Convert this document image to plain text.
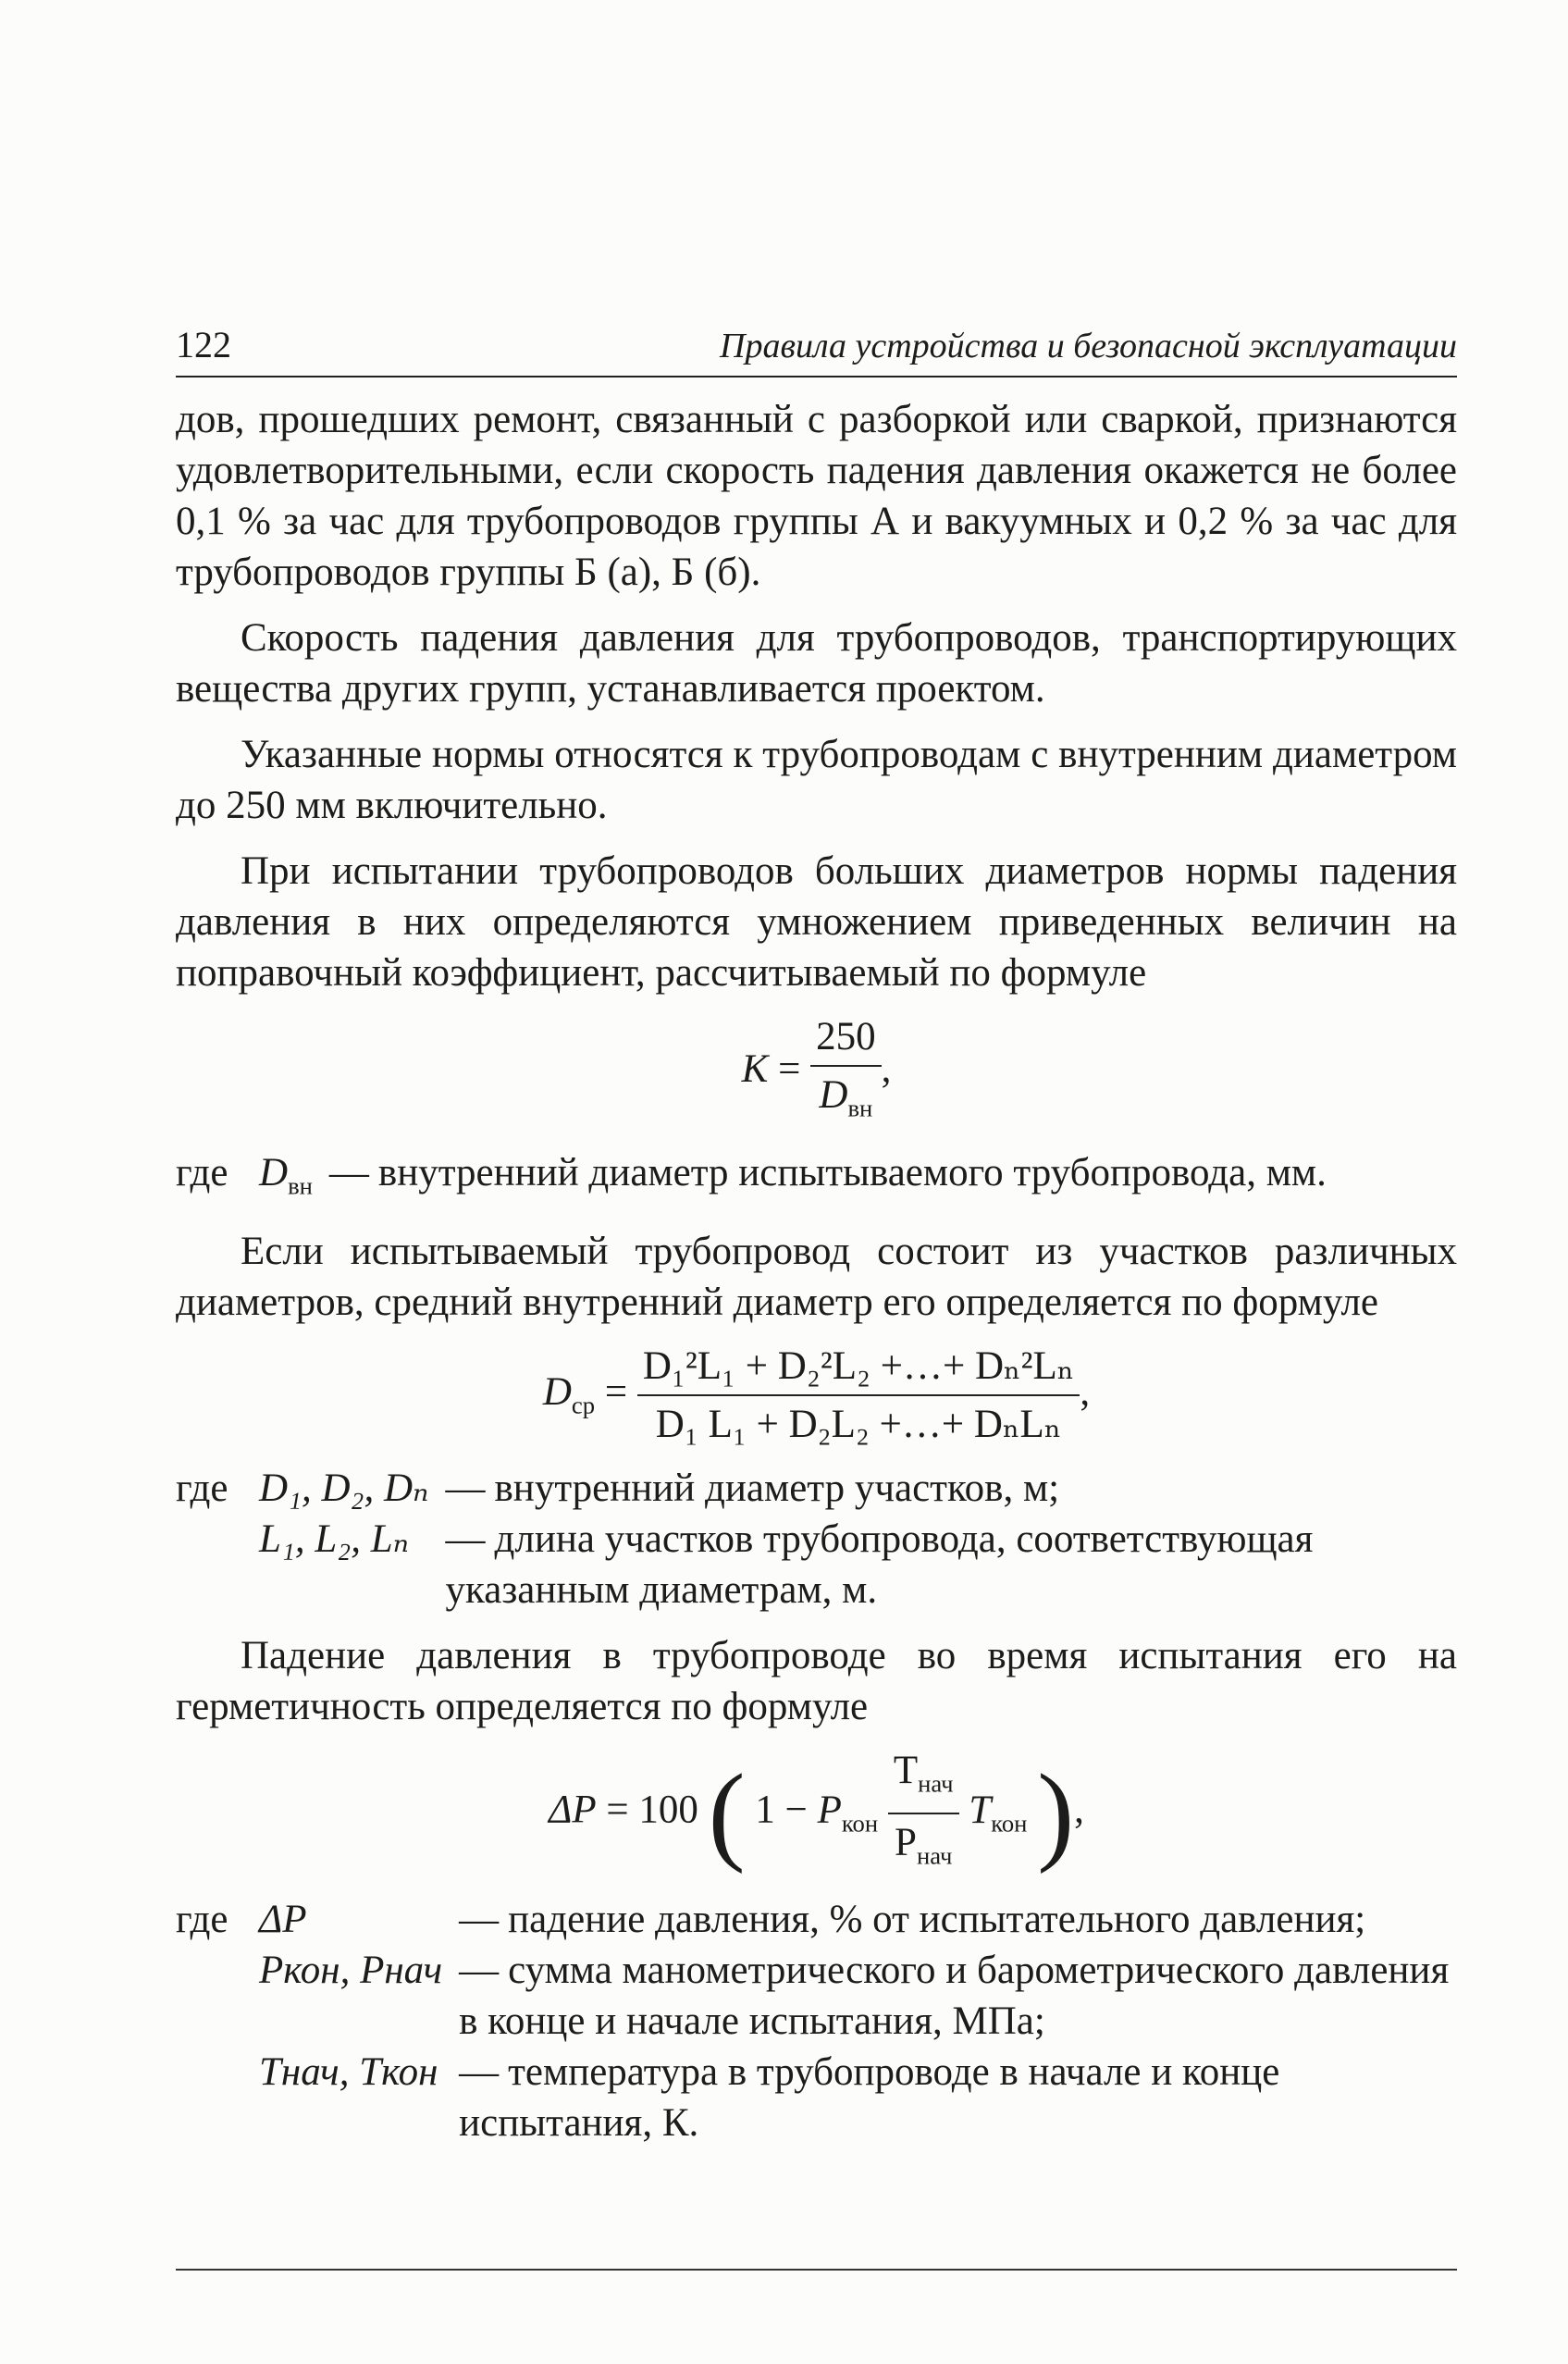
122	Правила устройства и безопасной эксплуатации

дов, прошедших ремонт, связанный с разборкой или сваркой, признаются удовлетворительными, если скорость падения давления окажется не более 0,1 % за час для трубопроводов группы А и вакуумных и 0,2 % за час для трубопроводов группы Б (а), Б (б).

Скорость падения давления для трубопроводов, транспортирующих вещества других групп, устанавливается проектом.

Указанные нормы относятся к трубопроводам с внутренним диаметром до 250 мм включительно.

При испытании трубопроводов больших диаметров нормы падения давления в них определяются умножением приведенных величин на поправочный коэффициент, рассчитываемый по формуле

$K = \frac{250}{D_{вн}}$ ,
где $D_{вн}$ — внутренний диаметр испытываемого трубопровода, мм.

Если испытываемый трубопровод состоит из участков различных диаметров, средний внутренний диаметр его определяется по формуле

$D_{ср} = \frac{\text{D₁²L₁ + D₂²L₂ +…+ Dₙ²Lₙ}}{\text{D₁ L₁ + D₂L₂ +…+ DₙLₙ}}$ ,
где D₁, D₂, Dₙ — внутренний диаметр участков, м;
L₁, L₂, Lₙ — длина участков трубопровода, соответствующая указанным диаметрам, м.

Падение давления в трубопроводе во время испытания его на герметичность определяется по формуле

ΔP = 100 ( $1 - P_{кон} \frac{T_{нач}}{P_{нач}} T_{кон}$ ),
где ΔP	— падение давления, % от испытательного давления;
Pкон, Pнач — сумма манометрического и барометрического давления в конце и начале испытания, МПа;
Tнач, Tкон — температура в трубопроводе в начале и конце испытания, К.
